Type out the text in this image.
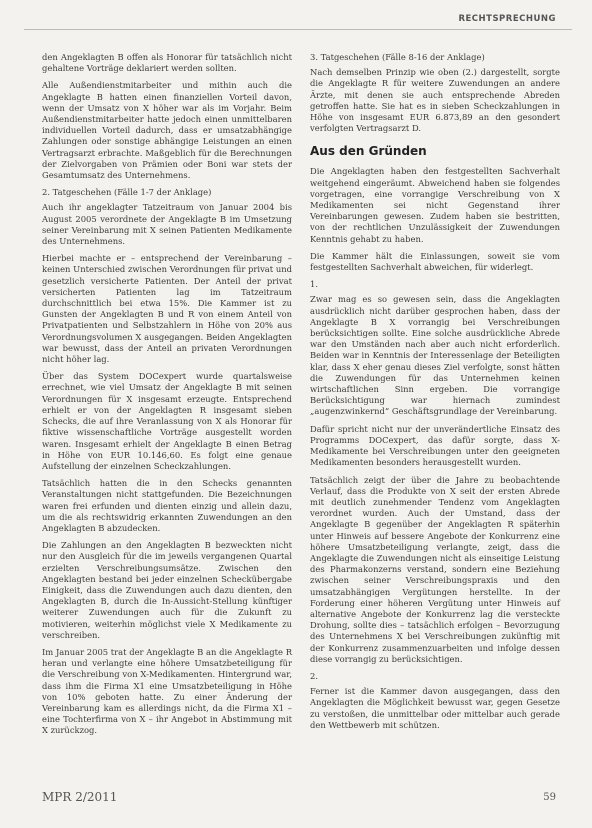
RECHTSPRECHUNG

den Angeklagten B offen als Honorar für tatsächlich nicht gehaltene Vorträge deklariert werden sollten.

Alle Außendienstmitarbeiter und mithin auch die Angeklagte B hatten einen finanziellen Vorteil davon, wenn der Umsatz von X höher war als im Vorjahr. Beim Außendienstmitarbeiter hatte jedoch einen unmittelbaren individuellen Vorteil dadurch, dass er umsatzabhängige Zahlungen oder sonstige abhängige Leistungen an einen Vertragsarzt erbrachte. Maßgeblich für die Berechnungen der Zielvorgaben von Prämien oder Boni war stets der Gesamtumsatz des Unternehmens.

2. Tatgeschehen (Fälle 1-7 der Anklage)

Auch ihr angeklagter Tatzeitraum von Januar 2004 bis August 2005 verordnete der Angeklagte B im Umsetzung seiner Vereinbarung mit X seinen Patienten Medikamente des Unternehmens.

Hierbei machte er – entsprechend der Vereinbarung – keinen Unterschied zwischen Verordnungen für privat und gesetzlich versicherte Patienten. Der Anteil der privat versicherten Patienten lag im Tatzeitraum durchschnittlich bei etwa 15%. Die Kammer ist zu Gunsten der Angeklagten B und R von einem Anteil von Privatpatienten und Selbstzahlern in Höhe von 20% aus Verordnungsvolumen X ausgegangen. Beiden Angeklagten war bewusst, dass der Anteil an privaten Verordnungen nicht höher lag.

Über das System DOCexpert wurde quartalsweise errechnet, wie viel Umsatz der Angeklagte B mit seinen Verordnungen für X insgesamt erzeugte. Entsprechend erhielt er von der Angeklagten R insgesamt sieben Schecks, die auf ihre Veranlassung von X als Honorar für fiktive wissenschaftliche Vorträge ausgestellt worden waren. Insgesamt erhielt der Angeklagte B einen Betrag in Höhe von EUR 10.146,60. Es folgt eine genaue Aufstellung der einzelnen Scheckzahlungen.

Tatsächlich hatten die in den Schecks genannten Veranstaltungen nicht stattgefunden. Die Bezeichnungen waren frei erfunden und dienten einzig und allein dazu, um die als rechtswidrig erkannten Zuwendungen an den Angeklagten B abzudecken.

Die Zahlungen an den Angeklagten B bezweckten nicht nur den Ausgleich für die im jeweils vergangenen Quartal erzielten Verschreibungsumsätze. Zwischen den Angeklagten bestand bei jeder einzelnen Scheckübergabe Einigkeit, dass die Zuwendungen auch dazu dienten, den Angeklagten B, durch die In-Aussicht-Stellung künftiger weiterer Zuwendungen auch für die Zukunft zu motivieren, weiterhin möglichst viele X Medikamente zu verschreiben.

Im Januar 2005 trat der Angeklagte B an die Angeklagte R heran und verlangte eine höhere Umsatzbeteiligung für die Verschreibung von X-Medikamenten. Hintergrund war, dass ihm die Firma X1 eine Umsatzbeteiligung in Höhe von 10% geboten hatte. Zu einer Änderung der Vereinbarung kam es allerdings nicht, da die Firma X1 – eine Tochterfirma von X – ihr Angebot in Abstimmung mit X zurückzog.

3. Tatgeschehen (Fälle 8-16 der Anklage)

Nach demselben Prinzip wie oben (2.) dargestellt, sorgte die Angeklagte R für weitere Zuwendungen an andere Ärzte, mit denen sie auch entsprechende Abreden getroffen hatte. Sie hat es in sieben Scheckzahlungen in Höhe von insgesamt EUR 6.873,89 an den gesondert verfolgten Vertragsarzt D.

Aus den Gründen

Die Angeklagten haben den festgestellten Sachverhalt weitgehend eingeräumt. Abweichend haben sie folgendes vorgetragen, eine vorrangige Verschreibung von X Medikamenten sei nicht Gegenstand ihrer Vereinbarungen gewesen. Zudem haben sie bestritten, von der rechtlichen Unzulässigkeit der Zuwendungen Kenntnis gehabt zu haben.

Die Kammer hält die Einlassungen, soweit sie vom festgestellten Sachverhalt abweichen, für widerlegt.

1.

Zwar mag es so gewesen sein, dass die Angeklagten ausdrücklich nicht darüber gesprochen haben, dass der Angeklagte B X vorrangig bei Verschreibungen berücksichtigen sollte. Eine solche ausdrückliche Abrede war den Umständen nach aber auch nicht erforderlich. Beiden war in Kenntnis der Interessenlage der Beteiligten klar, dass X eher genau dieses Ziel verfolgte, sonst hätten die Zuwendungen für das Unternehmen keinen wirtschaftlichen Sinn ergeben. Die vorrangige Berücksichtigung war hiernach zumindest „augenzwinkernd“ Geschäftsgrundlage der Vereinbarung.

Dafür spricht nicht nur der unverändertliche Einsatz des Programms DOCexpert, das dafür sorgte, dass X-Medikamente bei Verschreibungen unter den geeigneten Medikamenten besonders herausgestellt wurden.

Tatsächlich zeigt der über die Jahre zu beobachtende Verlauf, dass die Produkte von X seit der ersten Abrede mit deutlich zunehmender Tendenz vom Angeklagten verordnet wurden. Auch der Umstand, dass der Angeklagte B gegenüber der Angeklagten R späterhin unter Hinweis auf bessere Angebote der Konkurrenz eine höhere Umsatzbeteiligung verlangte, zeigt, dass die Angeklagte die Zuwendungen nicht als einseitige Leistung des Pharmakonzerns verstand, sondern eine Beziehung zwischen seiner Verschreibungspraxis und den umsatzabhängigen Vergütungen herstellte. In der Forderung einer höheren Vergütung unter Hinweis auf alternative Angebote der Konkurrenz lag die versteckte Drohung, sollte dies – tatsächlich erfolgen – Bevorzugung des Unternehmens X bei Verschreibungen zukünftig mit der Konkurrenz zusammenzuarbeiten und infolge dessen diese vorrangig zu berücksichtigen.

2.

Ferner ist die Kammer davon ausgegangen, dass den Angeklagten die Möglichkeit bewusst war, gegen Gesetze zu verstoßen, die unmittelbar oder mittelbar auch gerade den Wettbewerb mit schützen.

MPR 2/2011	59
